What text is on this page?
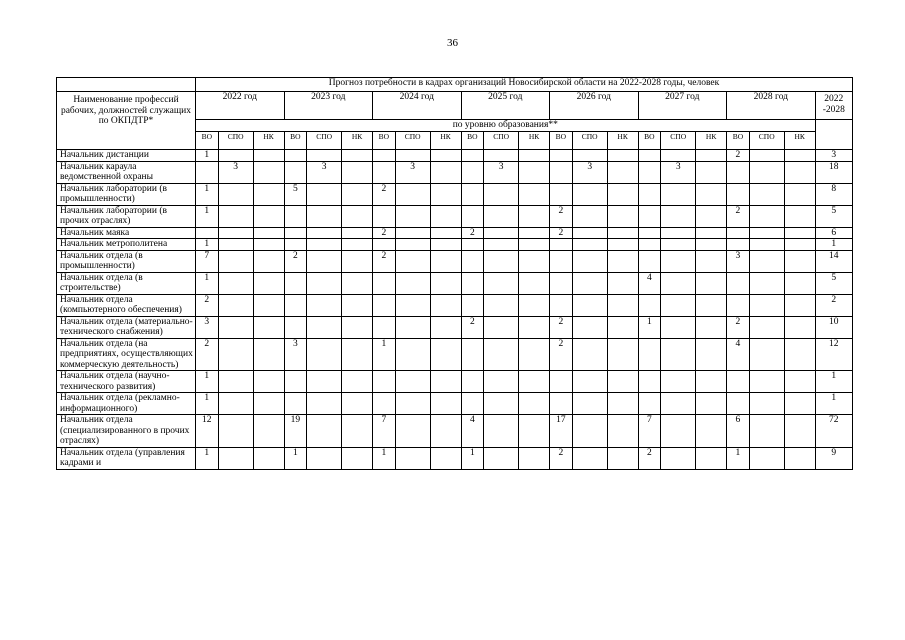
36
	Прогноз потребности в кадрах организаций Новосибирской области на 2022-2028 годы, человек																					
Наименование профессий рабочих, должностей служащих по ОКПДТР*	2022 год			2023 год			2024 год			2025 год			2026 год			2027 год			2028 год			2022 -2028
	по уровню образования**																					
	ВО	СПО	НК	ВО	СПО	НК	ВО	СПО	НК	ВО	СПО	НК	ВО	СПО	НК	ВО	СПО	НК	ВО	СПО	НК	
Начальник дистанции	1																		2			3
Начальник караула ведомственной охраны		3			3			3			3			3			3					18
Начальник лаборатории (в промышленности)	1			5			2															8
Начальник лаборатории (в прочих отраслях)	1												2						2			5
Начальник маяка							2			2			2									6
Начальник метрополитена	1																					1
Начальник отдела (в промышленности)	7			2			2												3			14
Начальник отдела (в строительстве)	1															4						5
Начальник отдела (компьютерного обеспечения)	2																					2
Начальник отдела (материально-технического снабжения)	3									2			2			1			2			10
Начальник отдела (на предприятиях, осуществляющих коммерческую деятельность)	2			3			1						2						4			12
Начальник отдела (научно-технического развития)	1																					1
Начальник отдела (рекламно-информационного)	1																					1
Начальник отдела (специализированного в прочих отраслях)	12			19			7			4			17			7			6			72
Начальник отдела (управления кадрами и	1			1			1			1			2			2			1			9
